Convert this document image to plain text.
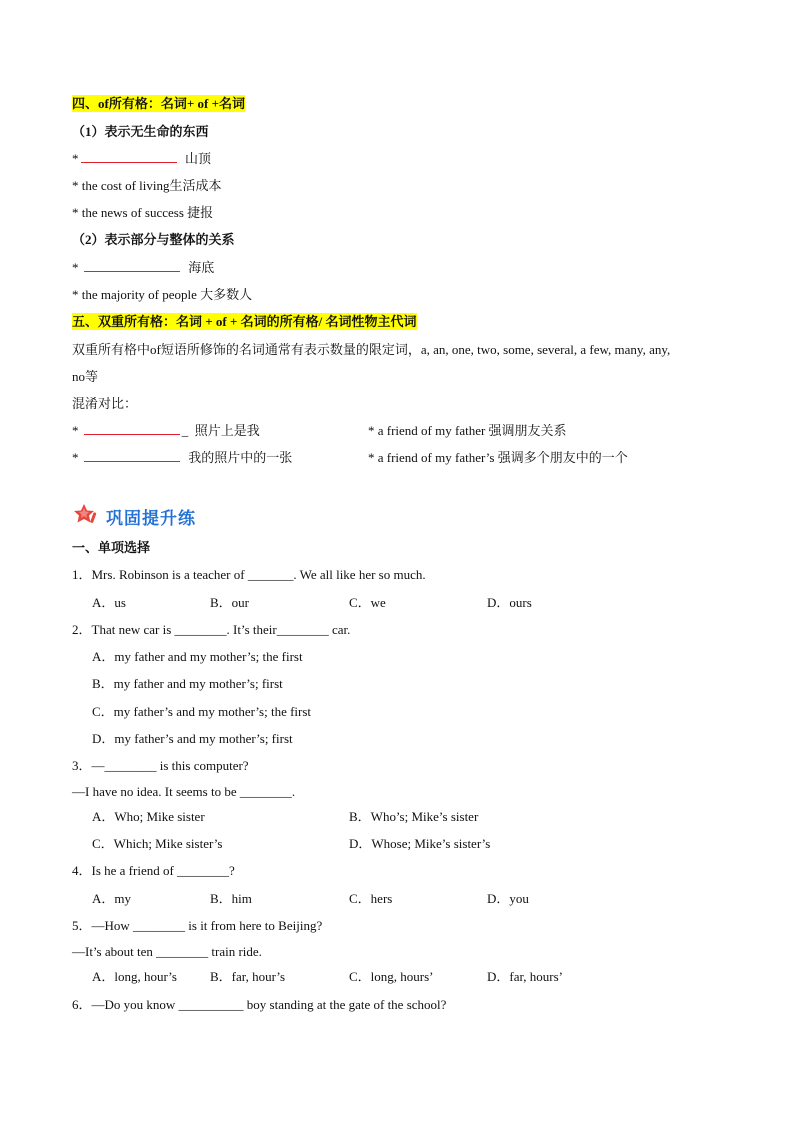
四、of所有格：名词+ of +名词
（1）表示无生命的东西
*	山顶
* the cost of living生活成本
* the news of success 捷报
（2）表示部分与整体的关系
*	海底
* the majority of people 大多数人
五、双重所有格：名词 + of + 名词的所有格/ 名词性物主代词
双重所有格中of短语所修饰的名词通常有表示数量的限定词，a, an, one, two, some, several, a few, many, any,
no等
混淆对比：
*	_ 照片上是我	* a friend of my father 强调朋友关系
*	我的照片中的一张	* a friend of my father’s 强调多个朋友中的一个
巩固提升练
一、单项选择
1．Mrs. Robinson is a teacher of _______. We all like her so much.
A．us	B．our	C．we	D．ours
2．That new car is ________. It’s their________ car.
A．my father and my mother’s; the first
B．my father and my mother’s; first
C．my father’s and my mother’s; the first
D．my father’s and my mother’s; first
3．—________ is this computer?
—I have no idea. It seems to be ________.
A．Who; Mike sister	B．Who’s; Mike’s sister
C．Which; Mike sister’s	D．Whose; Mike’s sister’s
4．Is he a friend of ________?
A．my	B．him	C．hers	D．you
5．—How ________ is it from here to Beijing?
—It’s about ten ________ train ride.
A．long, hour’s	B．far, hour’s	C．long, hours’	D．far, hours’
6．—Do you know __________ boy standing at the gate of the school?
